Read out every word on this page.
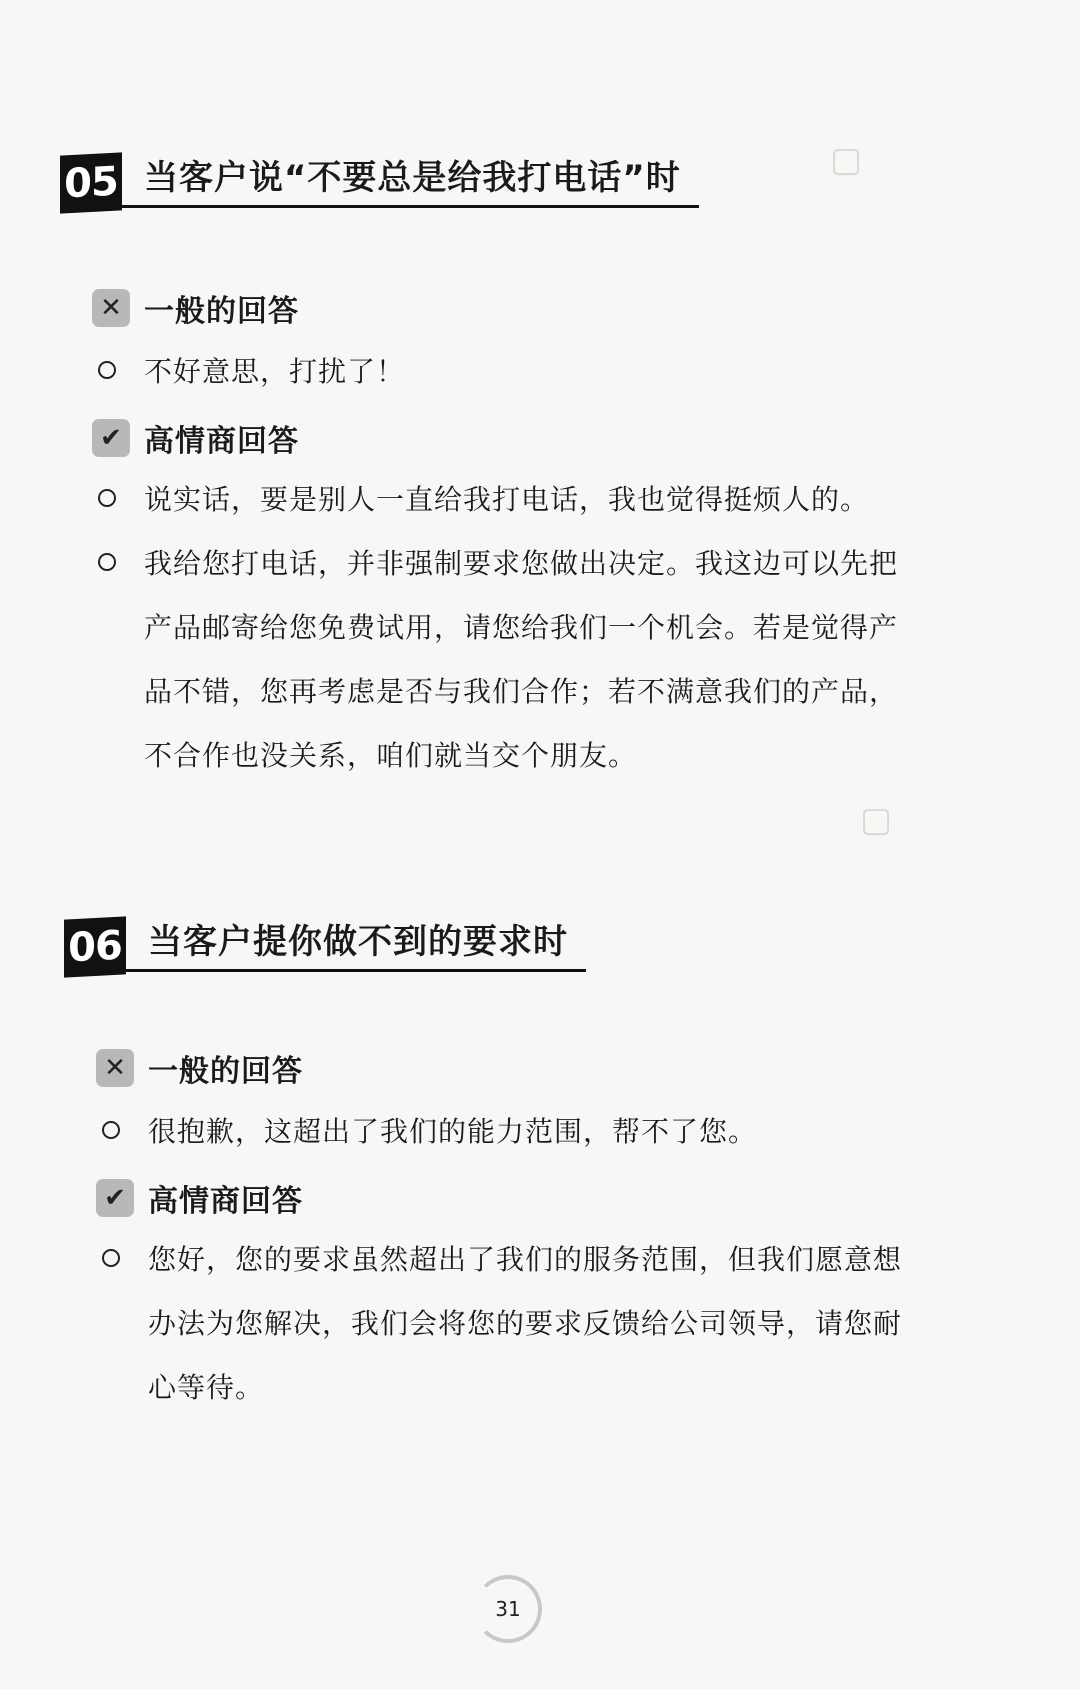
▢
▢
05 当客户说“不要总是给我打电话”时
✕ 一般的回答
不好意思，打扰了！
✔ 高情商回答
说实话，要是别人一直给我打电话，我也觉得挺烦人的。
我给您打电话，并非强制要求您做出决定。我这边可以先把产品邮寄给您免费试用，请您给我们一个机会。若是觉得产品不错，您再考虑是否与我们合作；若不满意我们的产品，不合作也没关系，咱们就当交个朋友。
06 当客户提你做不到的要求时
✕ 一般的回答
很抱歉，这超出了我们的能力范围，帮不了您。
✔ 高情商回答
您好，您的要求虽然超出了我们的服务范围，但我们愿意想办法为您解决，我们会将您的要求反馈给公司领导，请您耐心等待。
31
